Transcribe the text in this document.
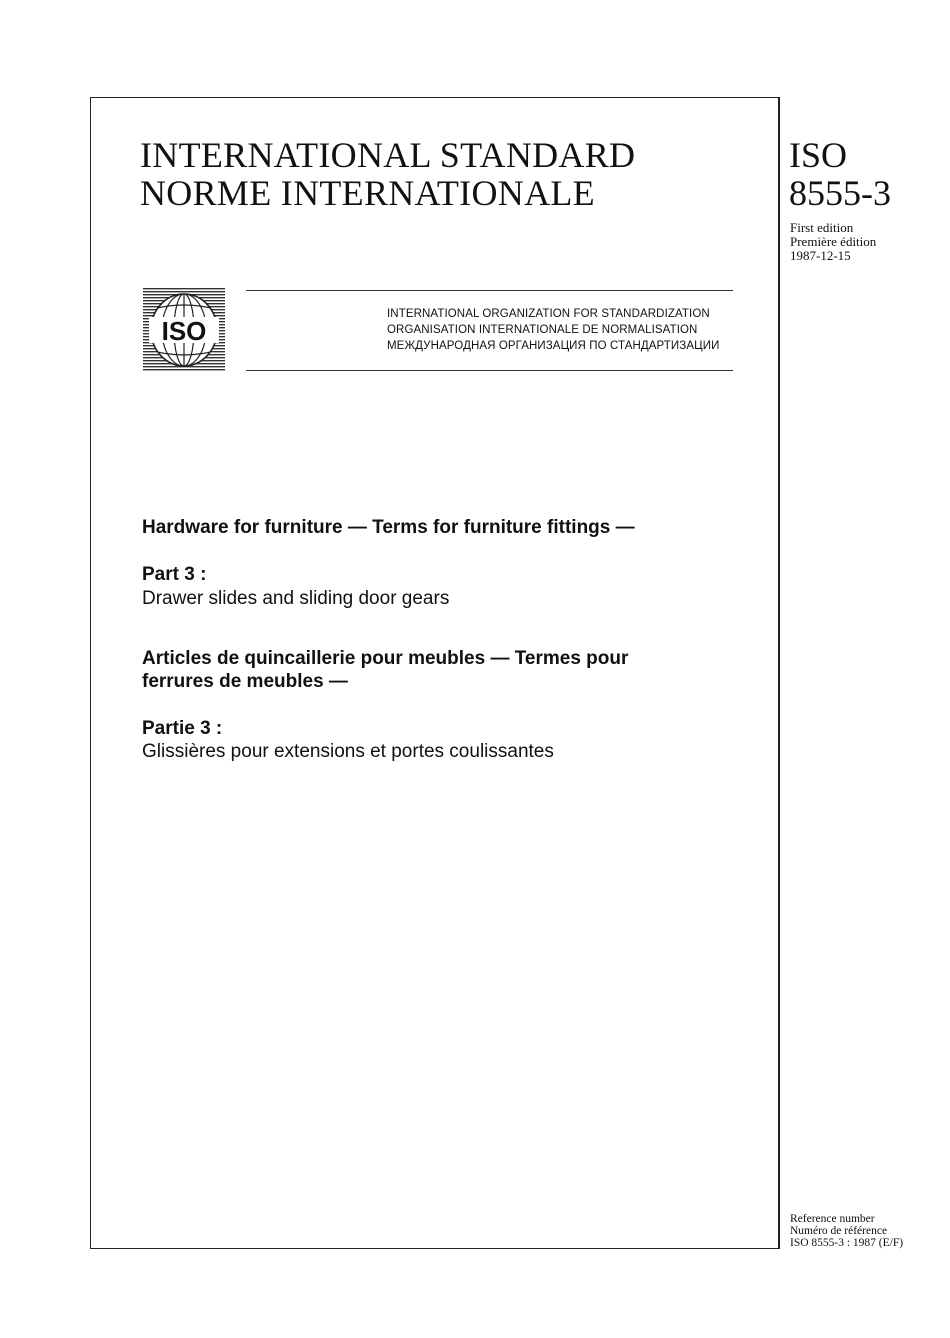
INTERNATIONAL STANDARD
NORME INTERNATIONALE
ISO
8555-3
First edition
Première édition
1987-12-15
ISO
INTERNATIONAL ORGANIZATION FOR STANDARDIZATION
ORGANISATION INTERNATIONALE DE NORMALISATION
МЕЖДУНАРОДНАЯ ОРГАНИЗАЦИЯ ПО СТАНДАРТИЗАЦИИ
Hardware for furniture — Terms for furniture fittings —
Part 3 :
Drawer slides and sliding door gears
Articles de quincaillerie pour meubles — Termes pour
ferrures de meubles —
Partie 3 :
Glissières pour extensions et portes coulissantes
Reference number
Numéro de référence
ISO 8555-3 : 1987 (E/F)
